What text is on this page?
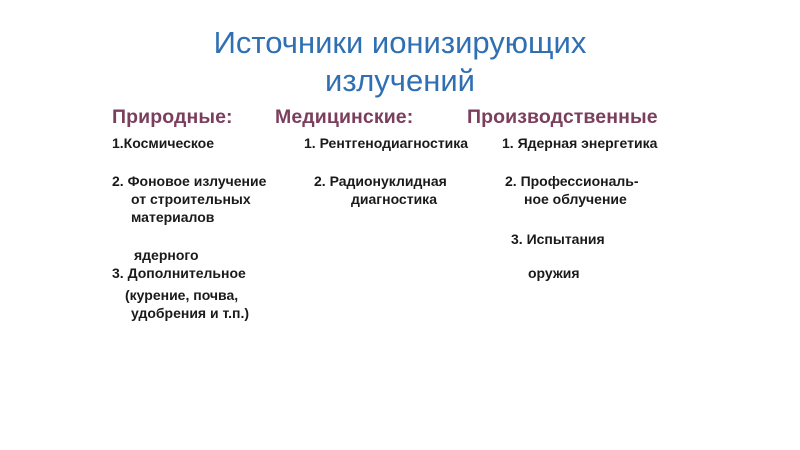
Источники ионизирующих
излучений
Природные: Медицинские:	Производственные
1.Космическое
2. Фоновое излучение
от строительных
материалов
ядерного
3. Дополнительное
(курение, почва,
удобрения и т.п.)
1. Рентгенодиагностика
2. Радионуклидная
диагностика
1. Ядерная энергетика
2. Профессиональ-
ное облучение
3. Испытания
оружия
